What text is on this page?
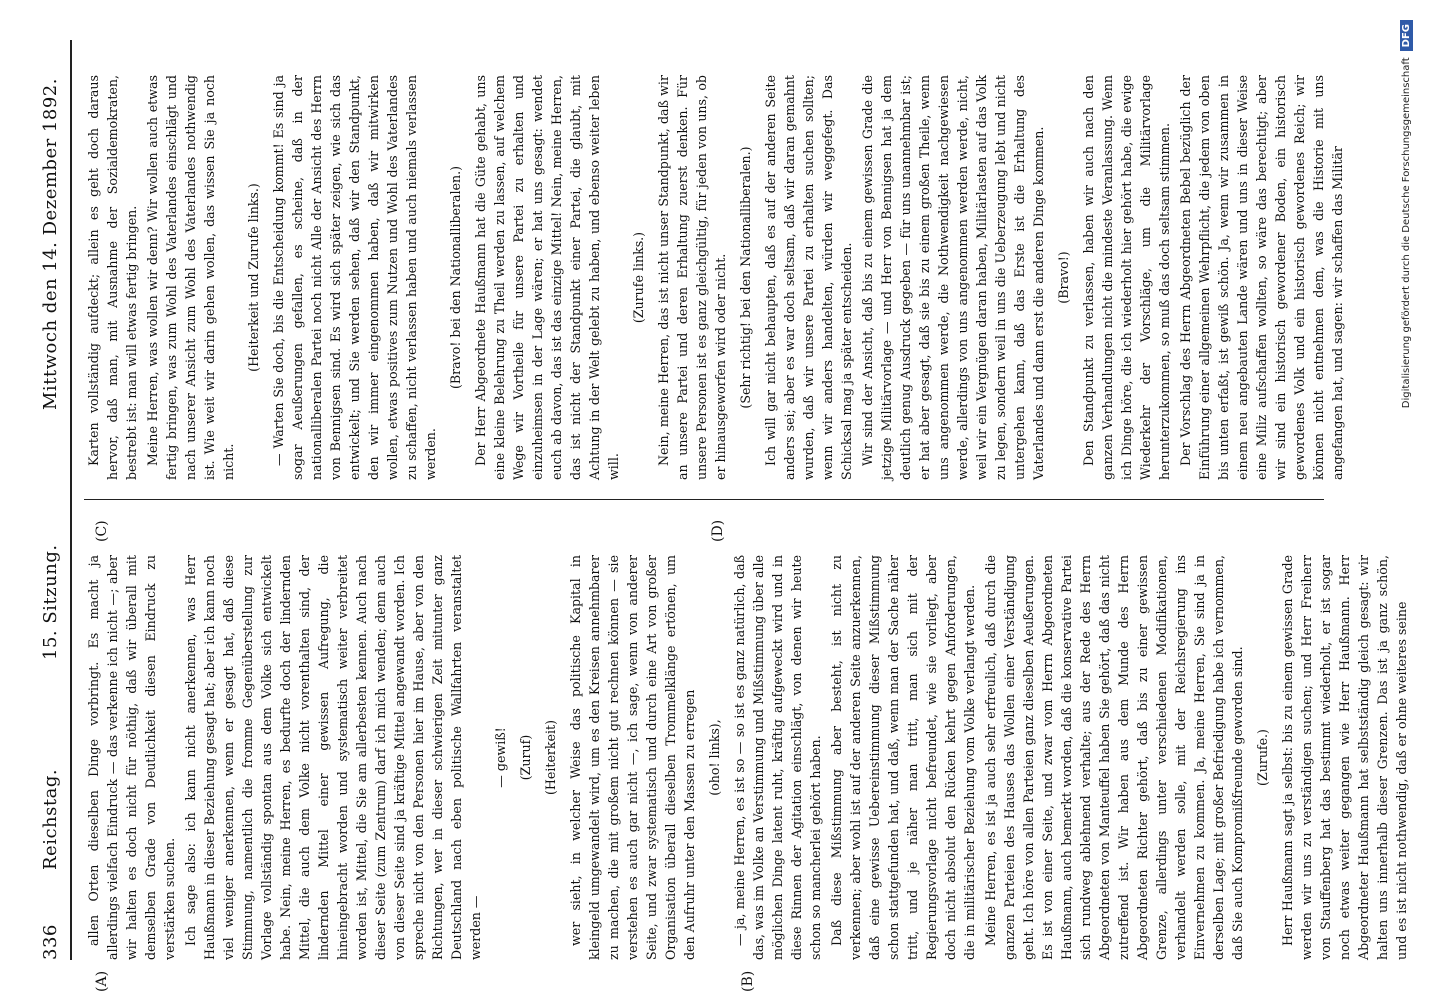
336
Reichstag.
15. Sitzung.
Mittwoch den 14. Dezember 1892.
(A)	(B)
(C)	(D)

allen Orten dieselben Dinge vorbringt. Es macht ja allerdings vielfach Eindruck — das verkenne ich nicht —; aber wir halten es doch nicht für nöthig, daß wir überall mit demselben Grade von Deutlichkeit diesen Eindruck zu verstärken suchen. Ich sage also: ich kann nicht anerkennen, was Herr Haußmann in dieser Beziehung gesagt hat; aber ich kann noch viel weniger anerkennen, wenn er gesagt hat, daß diese Stimmung, namentlich die fromme Gegenüberstellung zur Vorlage vollständig spontan aus dem Volke sich entwickelt habe. Nein, meine Herren, es bedurfte doch der lindernden Mittel, die auch dem Volke nicht vorenthalten sind, der lindernden Mittel einer gewissen Aufregung, die hineingebracht worden und systematisch weiter verbreitet worden ist, Mittel, die Sie am allerbesten kennen. Auch nach dieser Seite (zum Zentrum) darf ich mich wenden; denn auch von dieser Seite sind ja kräftige Mittel angewandt worden. Ich spreche nicht von den Personen hier im Hause, aber von den Richtungen, wer in dieser schwierigen Zeit mitunter ganz Deutschland nach eben politische Wallfahrten veranstaltet werden —

— gewiß! (Zuruf) (Heiterkeit) wer sieht, in welcher Weise das politische Kapital in kleingeld umgewandelt wird, um es den Kreisen annehmbarer zu machen, die mit großem nicht gut rechnen können — sie verstehen es auch gar nicht —, ich sage, wenn von anderer Seite, und zwar systematisch und durch eine Art von großer Organisation überall dieselben Trommelklänge ertönen, um den Aufruhr unter den Massen zu erregen (oho! links), — ja, meine Herren, es ist so — so ist es ganz natürlich, daß das, was im Volke an Verstimmung und Mißstimmung über alle möglichen Dinge latent ruht, kräftig aufgeweckt wird und in diese Rinnen der Agitation einschlägt, von denen wir heute schon so mancherlei gehört haben. Daß diese Mißstimmung aber besteht, ist nicht zu verkennen; aber wohl ist auf der anderen Seite anzuerkennen, daß eine gewisse Uebereinstimmung dieser Mißstimmung schon stattgefunden hat, und daß, wenn man der Sache näher tritt, und je näher man tritt, man sich mit der Regierungsvorlage nicht befreundet, wie sie vorliegt, aber doch nicht absolut den Rücken kehrt gegen Anforderungen, die in militärischer Beziehung vom Volke verlangt werden. Meine Herren, es ist ja auch sehr erfreulich, daß durch die ganzen Parteien des Hauses das Wollen einer Verständigung geht. Ich höre von allen Parteien ganz dieselben Aeußerungen. Es ist von einer Seite, und zwar vom Herrn Abgeordneten Haußmann, auch bemerkt worden, daß die konservative Partei sich rundweg ablehnend verhalte; aus der Rede des Herrn Abgeordneten von Manteuffel haben Sie gehört, daß das nicht zutreffend ist. Wir haben aus dem Munde des Herrn Abgeordneten Richter gehört, daß bis zu einer gewissen Grenze, allerdings unter verschiedenen Modifikationen, verhandelt werden solle, mit der Reichsregierung ins Einvernehmen zu kommen. Ja, meine Herren, Sie sind ja in derselben Lage; mit großer Befriedigung habe ich vernommen, daß Sie auch Kompromißfreunde geworden sind. (Zurufe.) Herr Haußmann sagt ja selbst: bis zu einem gewissen Grade werden wir uns zu verständigen suchen; und Herr Freiherr von Stauffenberg hat das bestimmt wiederholt, er ist sogar noch etwas weiter gegangen wie Herr Haußmann. Herr Abgeordneter Haußmann hat selbstständig gleich gesagt: wir halten uns innerhalb dieser Grenzen. Das ist ja ganz schön, und es ist nicht nothwendig, daß er ohne weiteres seine

Karten vollständig aufdeckt; allein es geht doch daraus hervor, daß man, mit Ausnahme der Sozialdemokraten, bestrebt ist: man will etwas fertig bringen. Meine Herren, was wollen wir denn? Wir wollen auch etwas fertig bringen, was zum Wohl des Vaterlandes einschlägt und nach unserer Ansicht zum Wohl des Vaterlandes nothwendig ist. Wie weit wir darin gehen wollen, das wissen Sie ja noch nicht.

(Heiterkeit und Zurufe links.) — Warten Sie doch, bis die Entscheidung kommt! Es sind ja sogar Aeußerungen gefallen, es scheine, daß in der nationalliberalen Partei noch nicht Alle der Ansicht des Herrn von Bennigsen sind. Es wird sich später zeigen, wie sich das entwickelt; und Sie werden sehen, daß wir den Standpunkt, den wir immer eingenommen haben, daß wir mitwirken wollen, etwas positives zum Nutzen und Wohl des Vaterlandes zu schaffen, nicht verlassen haben und auch niemals verlassen werden.

(Bravo! bei den Nationalliberalen.) Der Herr Abgeordnete Haußmann hat die Güte gehabt, uns eine kleine Belehrung zu Theil werden zu lassen, auf welchem Wege wir Vortheile für unsere Partei zu erhalten und einzuheimsen in der Lage wären; er hat uns gesagt: wendet euch ab davon, das ist das einzige Mittel! Nein, meine Herren, das ist nicht der Standpunkt einer Partei, die glaubt, mit Achtung in der Welt gelebt zu haben, und ebenso weiter leben will.

(Zurufe links.) Nein, meine Herren, das ist nicht unser Standpunkt, daß wir an unsere Partei und deren Erhaltung zuerst denken. Für unsere Personen ist es ganz gleichgültig, für jeden von uns, ob er hinausgeworfen wird oder nicht. (Sehr richtig! bei den Nationalliberalen.) Ich will gar nicht behaupten, daß es auf der anderen Seite anders sei; aber es war doch seltsam, daß wir daran gemahnt wurden, daß wir unsere Partei zu erhalten suchen sollten; wenn wir anders handelten, würden wir weggefegt. Das Schicksal mag ja später entscheiden. Wir sind der Ansicht, daß bis zu einem gewissen Grade die jetzige Militärvorlage — und Herr von Bennigsen hat ja dem deutlich genug Ausdruck gegeben — für uns unannehmbar ist; er hat aber gesagt, daß sie bis zu einem großen Theile, wenn uns angenommen werde, die Nothwendigkeit nachgewiesen werde, allerdings von uns angenommen werden werde, nicht, weil wir ein Vergnügen daran haben, Militärlasten auf das Volk zu legen, sondern weil in uns die Ueberzeugung lebt und nicht untergehen kann, daß das Erste ist die Erhaltung des Vaterlandes und dann erst die anderen Dinge kommen. (Bravo!) Den Standpunkt zu verlassen, haben wir auch nach den ganzen Verhandlungen nicht die mindeste Veranlassung. Wenn ich Dinge höre, die ich wiederholt hier gehört habe, die ewige Wiederkehr der Vorschläge, um die Militärvorlage herunterzukommen, so muß das doch seltsam stimmen. Der Vorschlag des Herrn Abgeordneten Bebel bezüglich der Einführung einer allgemeinen Wehrpflicht, die jedem von oben bis unten erfaßt, ist gewiß schön. Ja, wenn wir zusammen in einem neu angebauten Lande wären und uns in dieser Weise eine Miliz aufschaffen wollten, so wäre das berechtigt; aber wir sind ein historisch gewordener Boden, ein historisch gewordenes Volk und ein historisch gewordenes Reich; wir können nicht entnehmen dem, was die Historie mit uns angefangen hat, und sagen: wir schaffen das Militär	Digitalisierung gefördert durch die Deutsche ForschungsgemeinschaftDFG
